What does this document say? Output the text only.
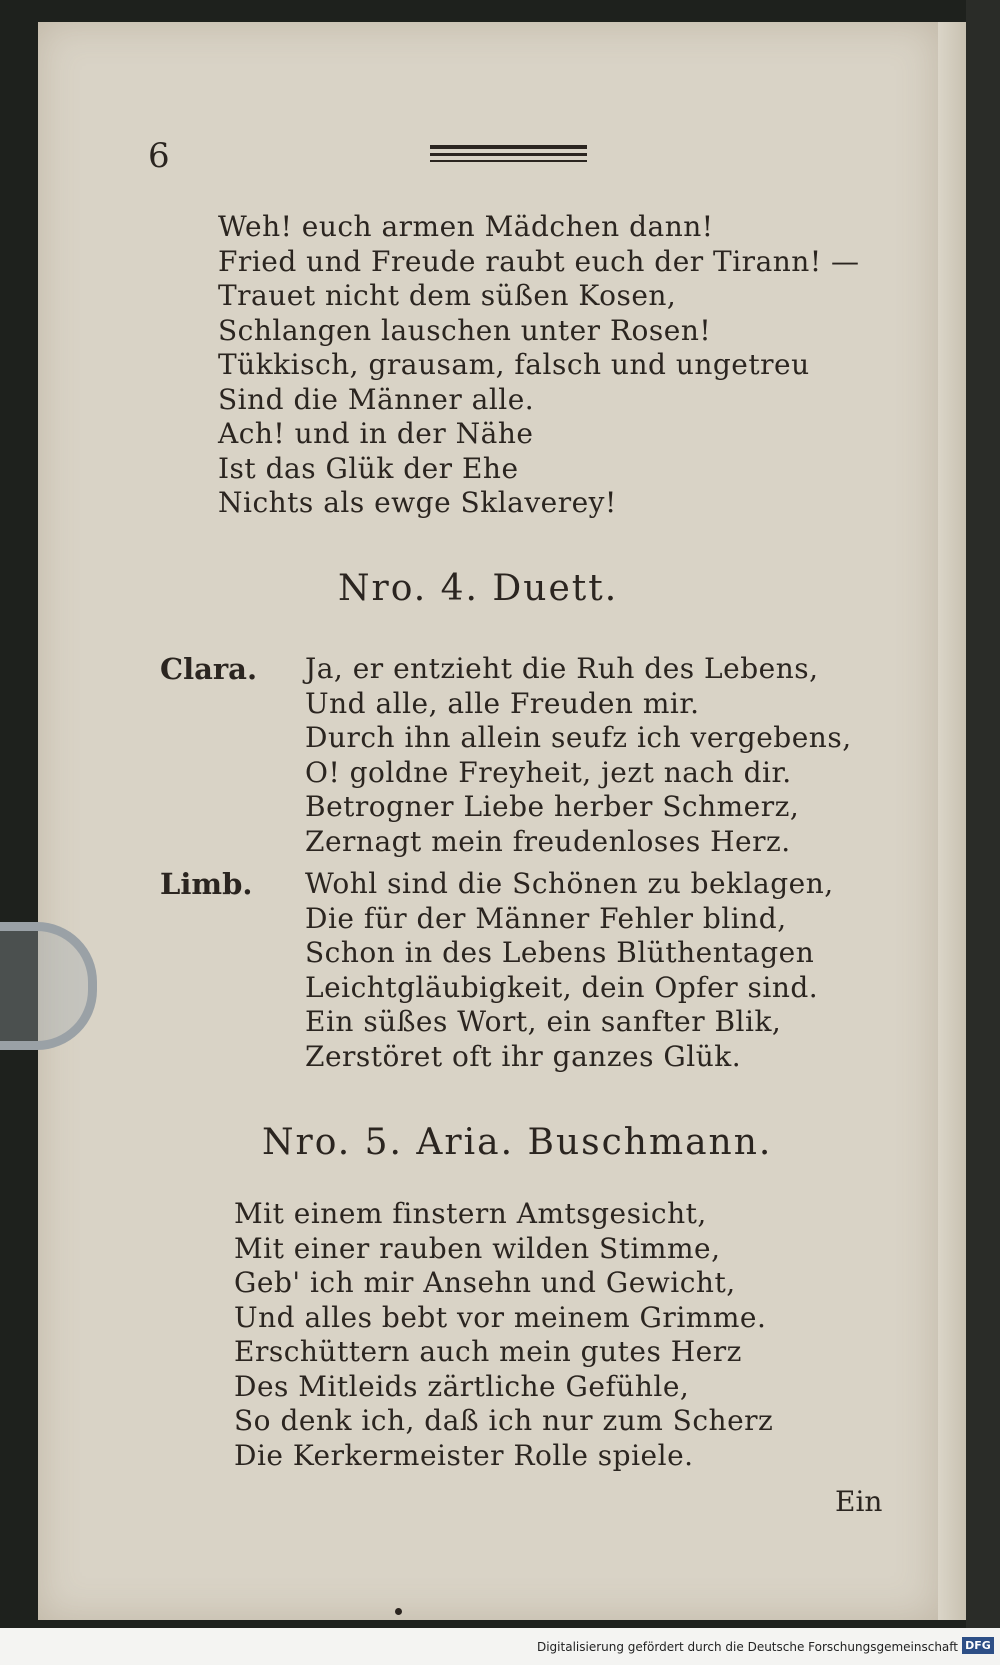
6
Weh! euch armen Mädchen dann!
Fried und Freude raubt euch der Tirann! —
Trauet nicht dem süßen Kosen,
Schlangen lauschen unter Rosen!
Tükkisch, grausam, falsch und ungetreu
Sind die Männer alle.
Ach! und in der Nähe
Ist das Glük der Ehe
Nichts als ewge Sklaverey!
Nro. 4. Duett.
Clara. Ja, er entzieht die Ruh des Lebens,
Und alle, alle Freuden mir.
Durch ihn allein seufz ich vergebens,
O! goldne Freyheit, jezt nach dir.
Betrogner Liebe herber Schmerz,
Zernagt mein freudenloses Herz.
Limb. Wohl sind die Schönen zu beklagen,
Die für der Männer Fehler blind,
Schon in des Lebens Blüthentagen
Leichtgläubigkeit, dein Opfer sind.
Ein süßes Wort, ein sanfter Blik,
Zerstöret oft ihr ganzes Glük.
Nro. 5. Aria. Buschmann.
Mit einem finstern Amtsgesicht,
Mit einer rauben wilden Stimme,
Geb' ich mir Ansehn und Gewicht,
Und alles bebt vor meinem Grimme.
Erschüttern auch mein gutes Herz
Des Mitleids zärtliche Gefühle,
So denk ich, daß ich nur zum Scherz
Die Kerkermeister Rolle spiele.
Ein
Digitalisierung gefördert durch die Deutsche Forschungsgemeinschaft DFG
